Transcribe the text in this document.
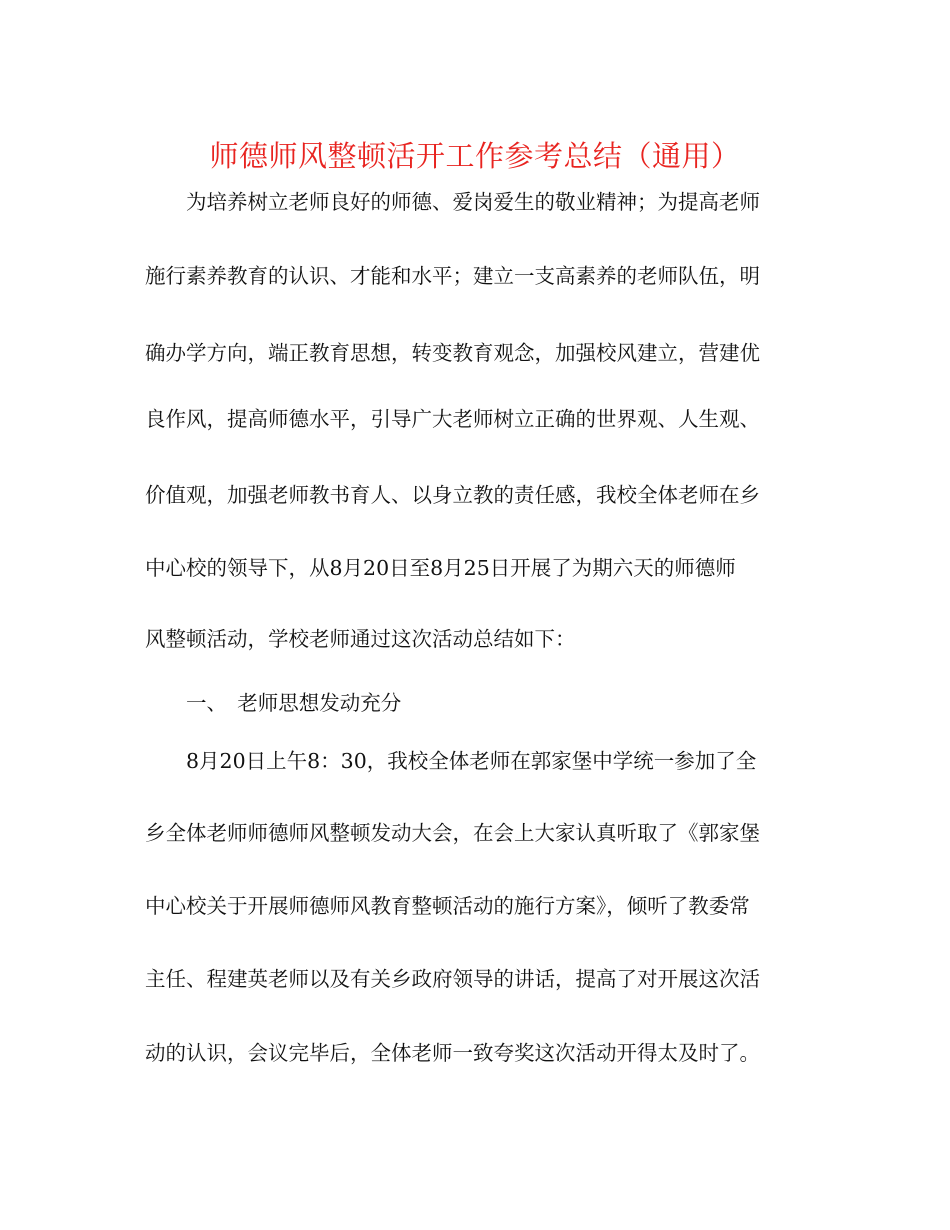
师德师风整顿活开工作参考总结（通用）
　　为培养树立老师良好的师德、爱岗爱生的敬业精神；为提高老师
施行素养教育的认识、才能和水平；建立一支高素养的老师队伍，明
确办学方向，端正教育思想，转变教育观念，加强校风建立，营建优
良作风，提高师德水平，引导广大老师树立正确的世界观、人生观、
价值观，加强老师教书育人、以身立教的责任感，我校全体老师在乡
中心校的领导下，从8月20日至8月25日开展了为期六天的师德师
风整顿活动，学校老师通过这次活动总结如下：
　　一、　老师思想发动充分
　　8月20日上午8：30，我校全体老师在郭家堡中学统一参加了全
乡全体老师师德师风整顿发动大会，在会上大家认真听取了《郭家堡
中心校关于开展师德师风教育整顿活动的施行方案》，倾听了教委常
主任、程建英老师以及有关乡政府领导的讲话，提高了对开展这次活
动的认识，会议完毕后，全体老师一致夸奖这次活动开得太及时了。
